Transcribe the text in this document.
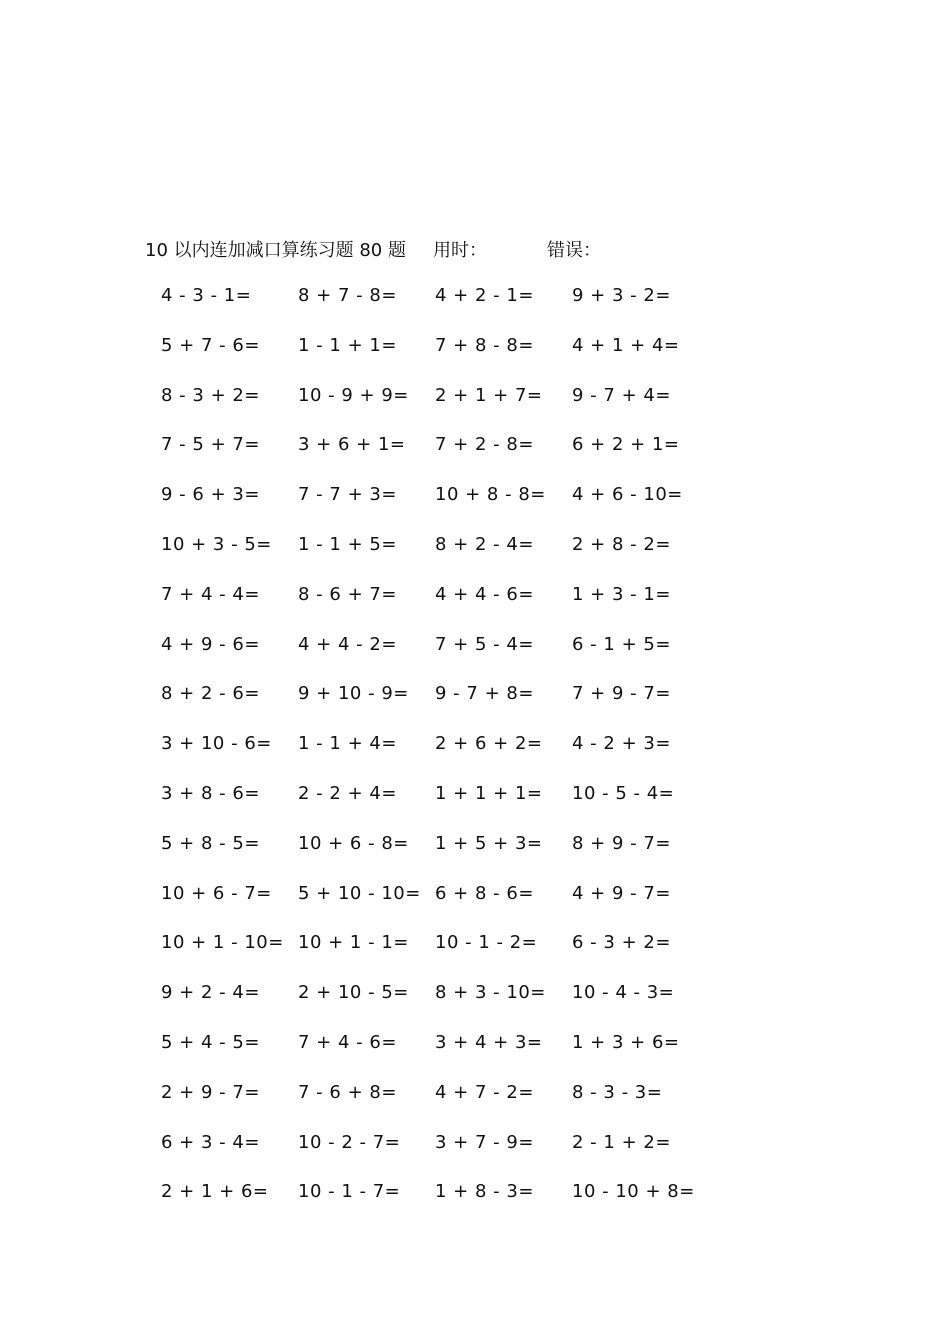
10 以内连加减口算练习题 80 题 用时：	错误：
4 - 3 - 1=	8 + 7 - 8= 4 + 2 - 1= 9 + 3 - 2=
5 + 7 - 6= 1 - 1 + 1= 7 + 8 - 8= 4 + 1 + 4=
8 - 3 + 2= 10 - 9 + 9= 2 + 1 + 7= 9 - 7 + 4=
7 - 5 + 7= 3 + 6 + 1= 7 + 2 - 8= 6 + 2 + 1=
9 - 6 + 3= 7 - 7 + 3= 10 + 8 - 8= 4 + 6 - 10=
10 + 3 - 5= 1 - 1 + 5= 8 + 2 - 4= 2 + 8 - 2=
7 + 4 - 4= 8 - 6 + 7= 4 + 4 - 6= 1 + 3 - 1=
4 + 9 - 6= 4 + 4 - 2= 7 + 5 - 4= 6 - 1 + 5=
8 + 2 - 6= 9 + 10 - 9= 9 - 7 + 8= 7 + 9 - 7=
3 + 10 - 6= 1 - 1 + 4= 2 + 6 + 2= 4 - 2 + 3=
3 + 8 - 6= 2 - 2 + 4= 1 + 1 + 1= 10 - 5 - 4=
5 + 8 - 5= 10 + 6 - 8= 1 + 5 + 3= 8 + 9 - 7=
10 + 6 - 7= 5 + 10 - 10= 6 + 8 - 6= 4 + 9 - 7=
10 + 1 - 10= 10 + 1 - 1= 10 - 1 - 2= 6 - 3 + 2=
9 + 2 - 4= 2 + 10 - 5= 8 + 3 - 10= 10 - 4 - 3=
5 + 4 - 5= 7 + 4 - 6= 3 + 4 + 3= 1 + 3 + 6=
2 + 9 - 7= 7 - 6 + 8= 4 + 7 - 2= 8 - 3 - 3=
6 + 3 - 4= 10 - 2 - 7= 3 + 7 - 9= 2 - 1 + 2=
2 + 1 + 6= 10 - 1 - 7= 1 + 8 - 3= 10 - 10 + 8=
